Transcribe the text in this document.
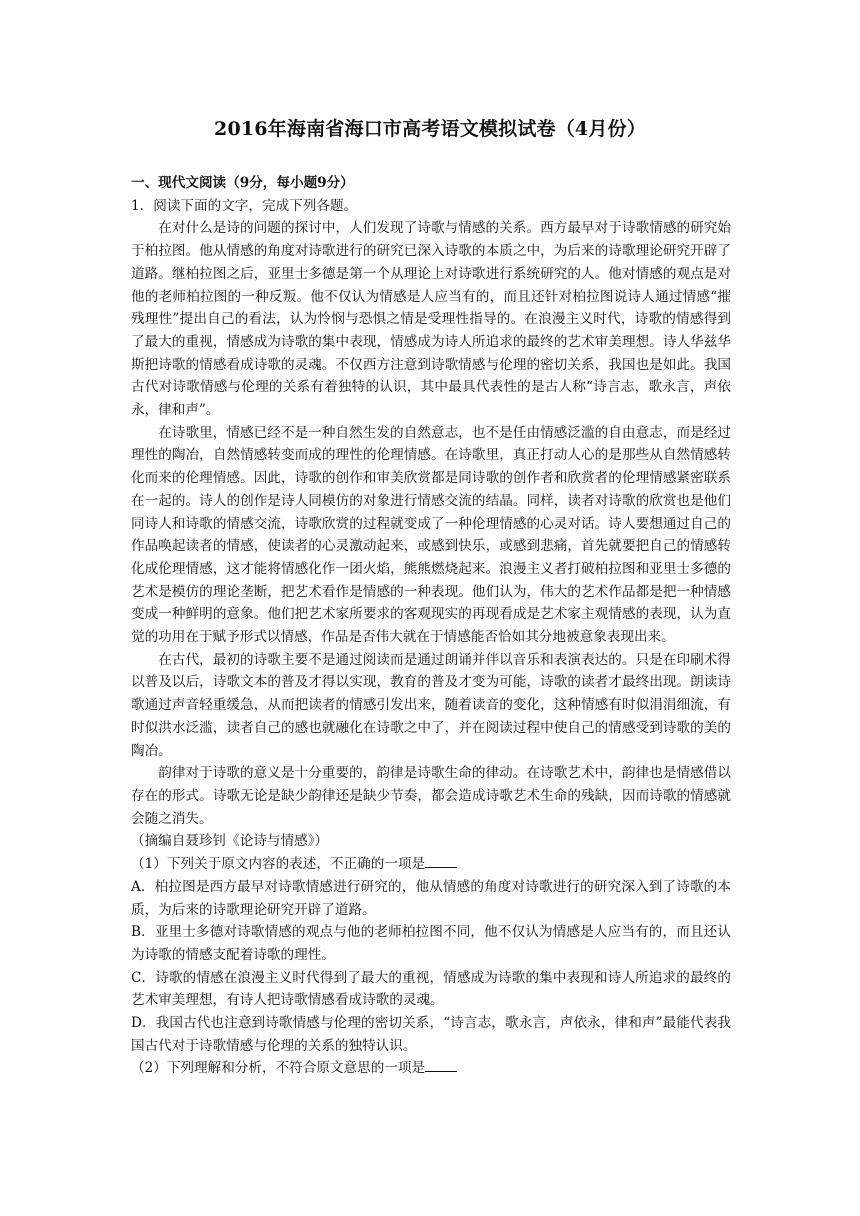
2016年海南省海口市高考语文模拟试卷（4月份）

一、现代文阅读（9分，每小题9分）

1．阅读下面的文字，完成下列各题。

在对什么是诗的问题的探讨中，人们发现了诗歌与情感的关系。西方最早对于诗歌情感的研究始于柏拉图。他从情感的角度对诗歌进行的研究已深入诗歌的本质之中，为后来的诗歌理论研究开辟了道路。继柏拉图之后，亚里士多德是第一个从理论上对诗歌进行系统研究的人。他对情感的观点是对他的老师柏拉图的一种反叛。他不仅认为情感是人应当有的，而且还针对柏拉图说诗人通过情感“摧残理性”提出自己的看法，认为怜悯与恐惧之情是受理性指导的。在浪漫主义时代，诗歌的情感得到了最大的重视，情感成为诗歌的集中表现，情感成为诗人所追求的最终的艺术审美理想。诗人华兹华斯把诗歌的情感看成诗歌的灵魂。不仅西方注意到诗歌情感与伦理的密切关系，我国也是如此。我国古代对诗歌情感与伦理的关系有着独特的认识，其中最具代表性的是古人称“诗言志，歌永言，声依永，律和声”。

在诗歌里，情感已经不是一种自然生发的自然意志，也不是任由情感泛滥的自由意志，而是经过理性的陶冶，自然情感转变而成的理性的伦理情感。在诗歌里，真正打动人心的是那些从自然情感转化而来的伦理情感。因此，诗歌的创作和审美欣赏都是同诗歌的创作者和欣赏者的伦理情感紧密联系在一起的。诗人的创作是诗人同模仿的对象进行情感交流的结晶。同样，读者对诗歌的欣赏也是他们同诗人和诗歌的情感交流，诗歌欣赏的过程就变成了一种伦理情感的心灵对话。诗人要想通过自己的作品唤起读者的情感，使读者的心灵激动起来，或感到快乐，或感到悲痛，首先就要把自己的情感转化成伦理情感，这才能将情感化作一团火焰，熊熊燃烧起来。浪漫主义者打破柏拉图和亚里士多德的艺术是模仿的理论垄断，把艺术看作是情感的一种表现。他们认为，伟大的艺术作品都是把一种情感变成一种鲜明的意象。他们把艺术家所要求的客观现实的再现看成是艺术家主观情感的表现，认为直觉的功用在于赋予形式以情感，作品是否伟大就在于情感能否恰如其分地被意象表现出来。

在古代，最初的诗歌主要不是通过阅读而是通过朗诵并伴以音乐和表演表达的。只是在印刷术得以普及以后，诗歌文本的普及才得以实现，教育的普及才变为可能，诗歌的读者才最终出现。朗读诗歌通过声音轻重缓急，从而把读者的情感引发出来，随着读音的变化，这种情感有时似涓涓细流，有时似洪水泛滥，读者自己的感也就融化在诗歌之中了，并在阅读过程中使自己的情感受到诗歌的美的陶冶。

韵律对于诗歌的意义是十分重要的，韵律是诗歌生命的律动。在诗歌艺术中，韵律也是情感借以存在的形式。诗歌无论是缺少韵律还是缺少节奏，都会造成诗歌艺术生命的残缺，因而诗歌的情感就会随之消失。

（摘编自聂珍钊《论诗与情感》）

（1）下列关于原文内容的表述，不正确的一项是

A．柏拉图是西方最早对诗歌情感进行研究的，他从情感的角度对诗歌进行的研究深入到了诗歌的本质，为后来的诗歌理论研究开辟了道路。

B．亚里士多德对诗歌情感的观点与他的老师柏拉图不同，他不仅认为情感是人应当有的，而且还认为诗歌的情感支配着诗歌的理性。

C．诗歌的情感在浪漫主义时代得到了最大的重视，情感成为诗歌的集中表现和诗人所追求的最终的艺术审美理想，有诗人把诗歌情感看成诗歌的灵魂。

D．我国古代也注意到诗歌情感与伦理的密切关系，“诗言志，歌永言，声依永，律和声”最能代表我国古代对于诗歌情感与伦理的关系的独特认识。

（2）下列理解和分析，不符合原文意思的一项是
